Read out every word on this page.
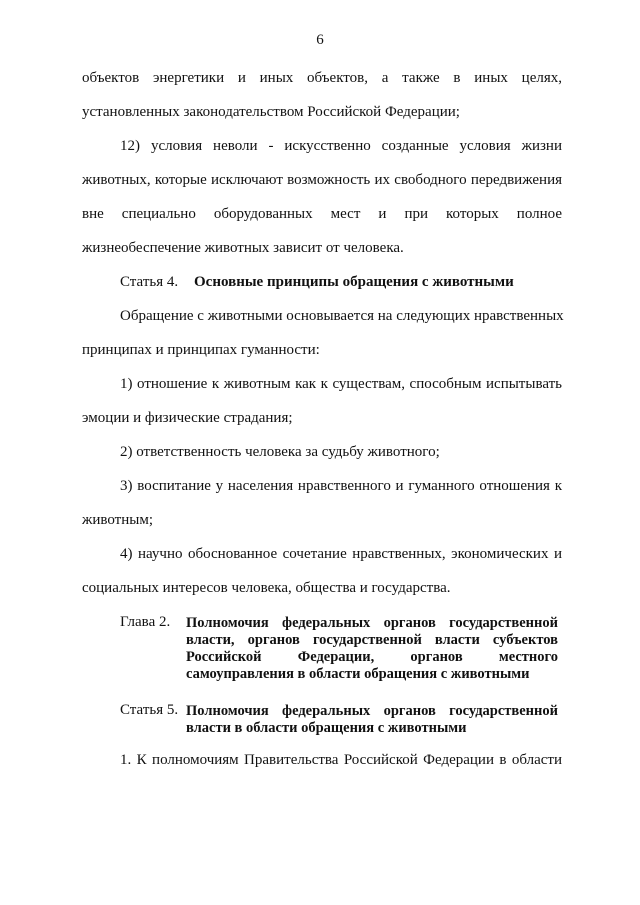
6
объектов энергетики и иных объектов, а также в иных целях,
установленных законодательством Российской Федерации;
12) условия неволи - искусственно созданные условия жизни
животных, которые исключают возможность их свободного передвижения
вне специально оборудованных мест и при которых полное
жизнеобеспечение животных зависит от человека.
Статья 4. Основные принципы обращения с животными
Обращение с животными основывается на следующих нравственных
принципах и принципах гуманности:
1) отношение к животным как к существам, способным испытывать
эмоции и физические страдания;
2) ответственность человека за судьбу животного;
3) воспитание у населения нравственного и гуманного отношения к
животным;
4) научно обоснованное сочетание нравственных, экономических и
социальных интересов человека, общества и государства.
Глава 2. Полномочия федеральных органов государственной
власти, органов государственной власти субъектов
Российской Федерации, органов местного
самоуправления в области обращения с животными
Статья 5. Полномочия федеральных органов государственной
власти в области обращения с животными
1. К полномочиям Правительства Российской Федерации в области
